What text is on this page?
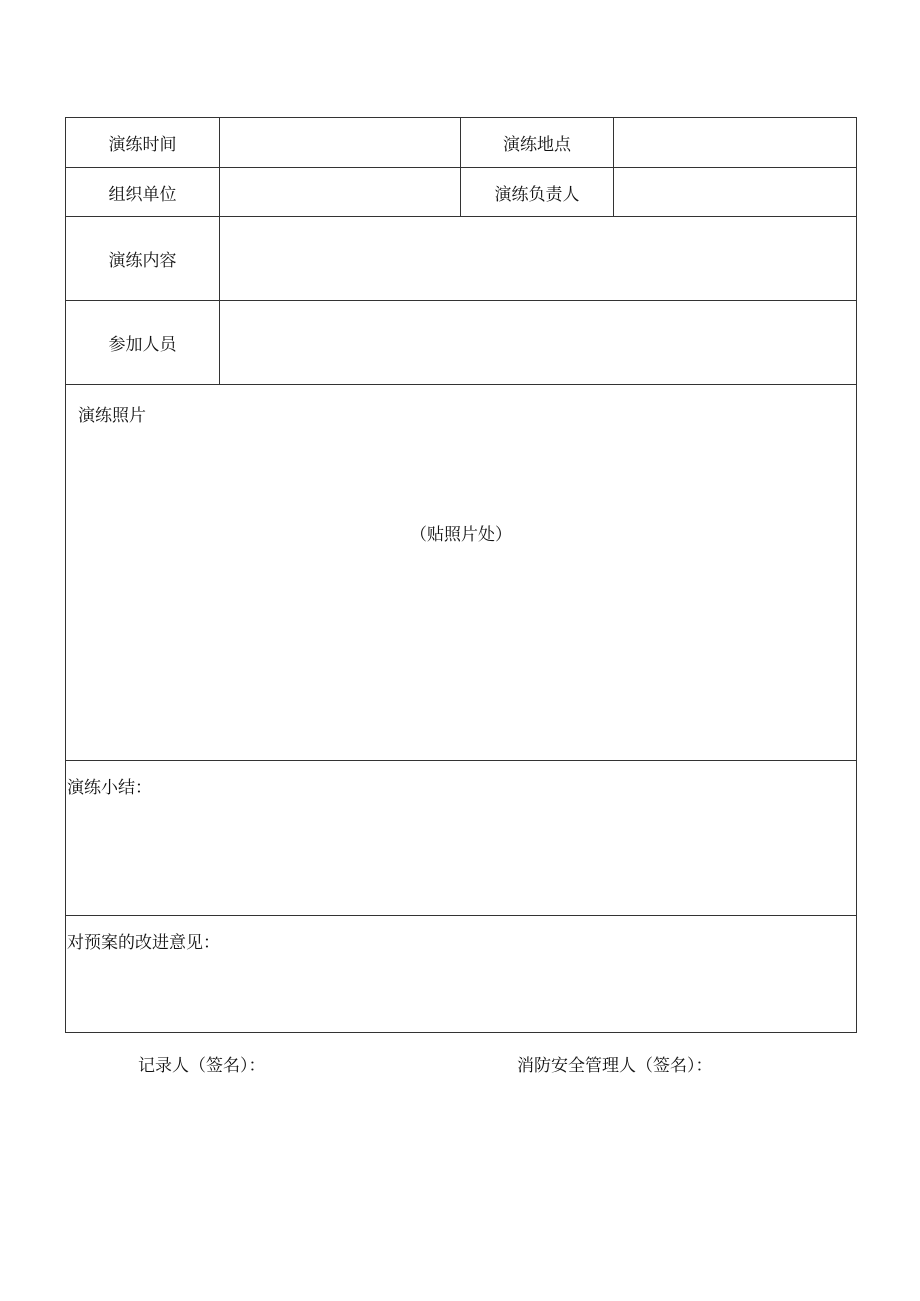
演练时间		演练地点	
组织单位		演练负责人	
演练内容			
参加人员			

演练照片
（贴照片处）			

演练小结：			

对预案的改进意见：			
记录人（签名）：	消防安全管理人（签名）：
